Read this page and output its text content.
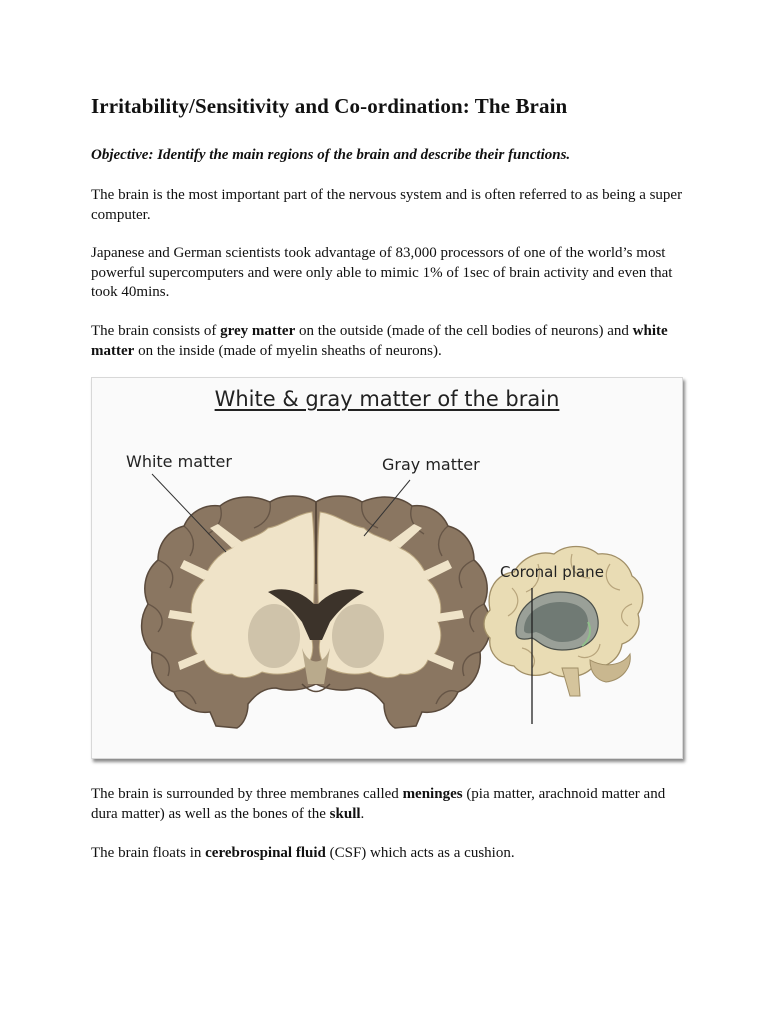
Irritability/Sensitivity and Co-ordination: The Brain

Objective: Identify the main regions of the brain and describe their functions.

The brain is the most important part of the nervous system and is often referred to as being a super computer.

Japanese and German scientists took advantage of 83,000 processors of one of the world’s most powerful supercomputers and were only able to mimic 1% of 1sec of brain activity and even that took 40mins.

The brain consists of grey matter on the outside (made of the cell bodies of neurons) and white matter on the inside (made of myelin sheaths of neurons).

White & gray matter of the brain
White matter	Gray matter
Coronal plane

The brain is surrounded by three membranes called meninges (pia matter, arachnoid matter and dura matter) as well as the bones of the skull.

The brain floats in cerebrospinal fluid (CSF) which acts as a cushion.
